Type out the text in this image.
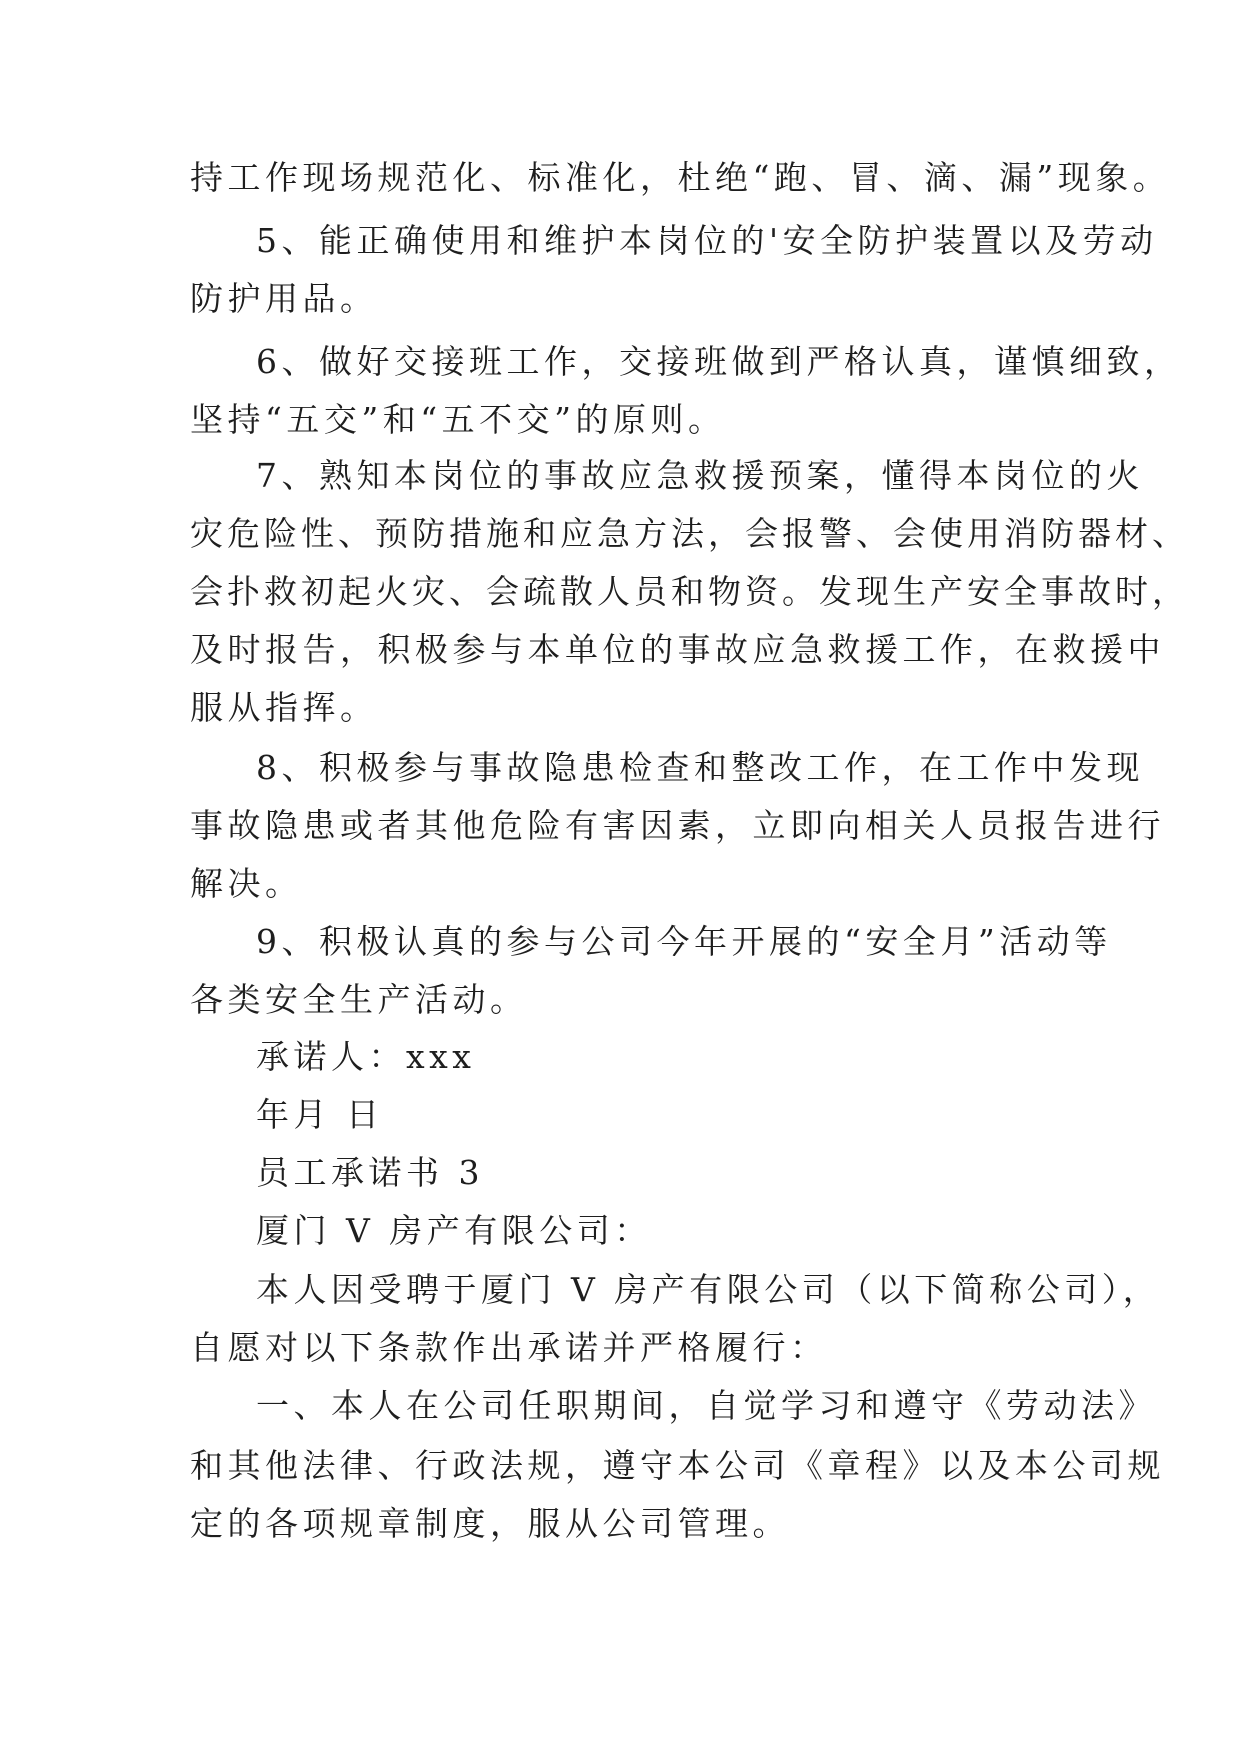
持工作现场规范化、标准化，杜绝“跑、冒、滴、漏”现象。
5、能正确使用和维护本岗位的'安全防护装置以及劳动
防护用品。
6、做好交接班工作，交接班做到严格认真，谨慎细致，
坚持“五交”和“五不交”的原则。
7、熟知本岗位的事故应急救援预案，懂得本岗位的火
灾危险性、预防措施和应急方法，会报警、会使用消防器材、
会扑救初起火灾、会疏散人员和物资。发现生产安全事故时，
及时报告，积极参与本单位的事故应急救援工作，在救援中
服从指挥。
8、积极参与事故隐患检查和整改工作，在工作中发现
事故隐患或者其他危险有害因素，立即向相关人员报告进行
解决。
9、积极认真的参与公司今年开展的“安全月”活动等
各类安全生产活动。
承诺人：xxx
年月 日
员工承诺书 3
厦门 V 房产有限公司：
本人因受聘于厦门 V 房产有限公司（以下简称公司），
自愿对以下条款作出承诺并严格履行：
一、本人在公司任职期间，自觉学习和遵守《劳动法》
和其他法律、行政法规，遵守本公司《章程》以及本公司规
定的各项规章制度，服从公司管理。
